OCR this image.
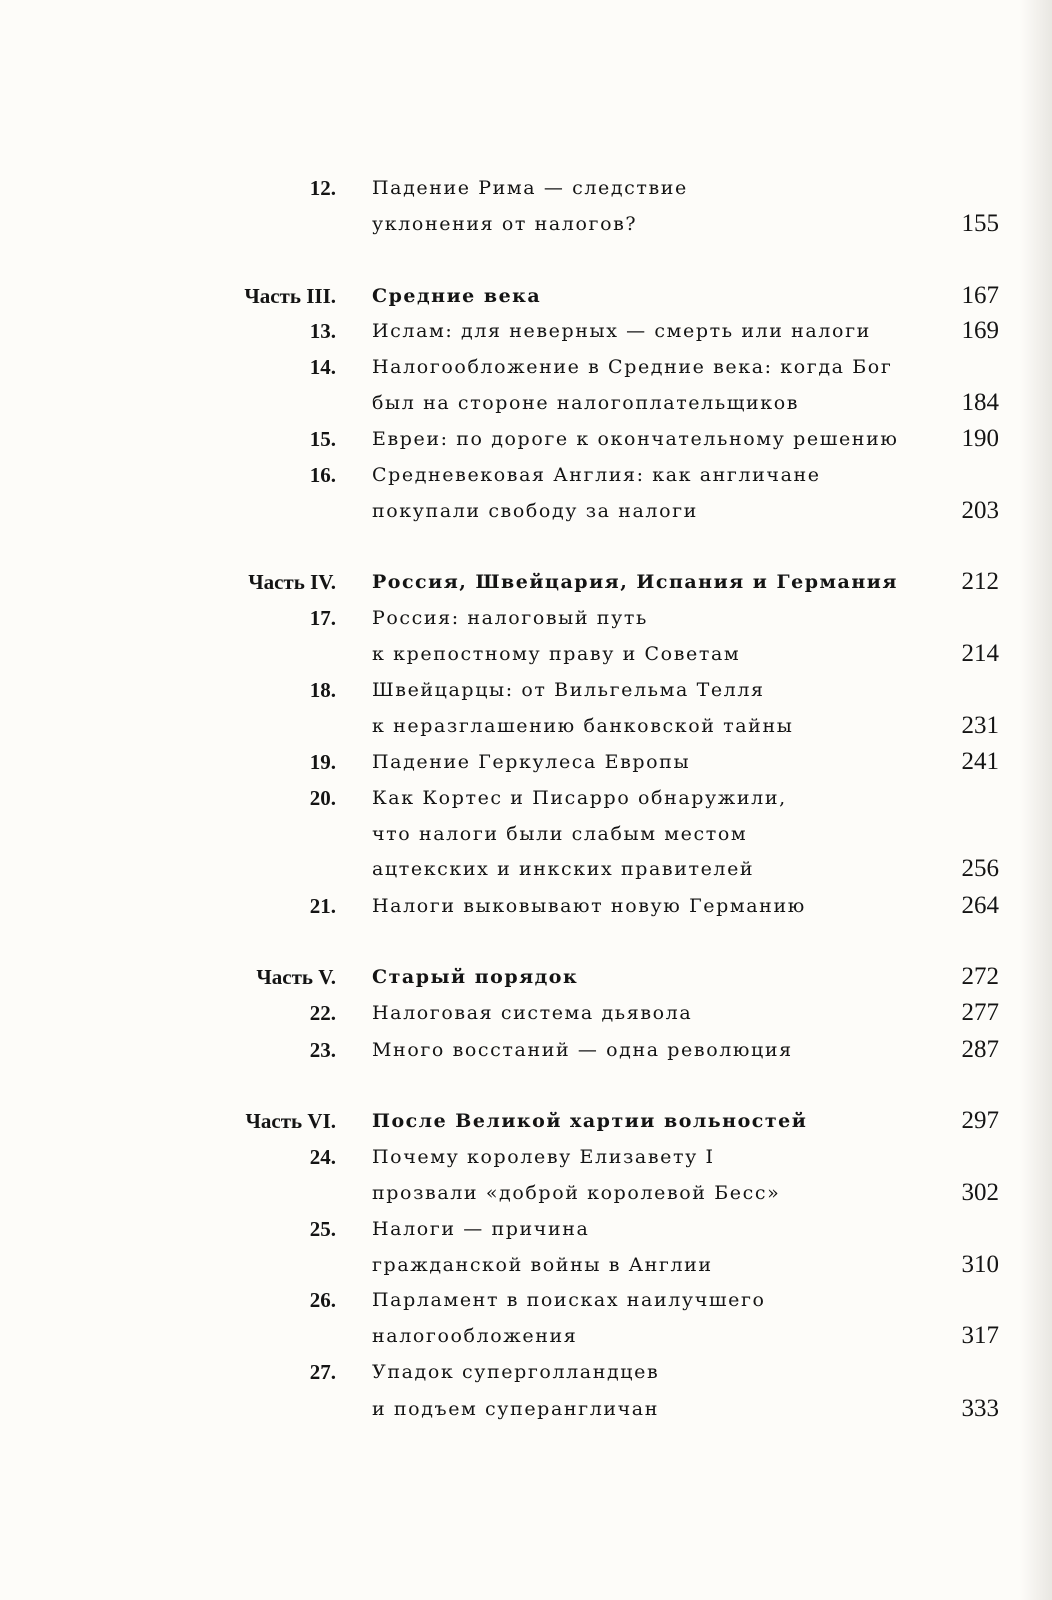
12. Падение Рима — следствие
уклонения от налогов?	155
Часть III. Средние века	167
13. Ислам: для неверных — смерть или налоги	169
14. Налогообложение в Средние века: когда Бог
был на стороне налогоплательщиков	184
15. Евреи: по дороге к окончательному решению	190
16. Средневековая Англия: как англичане
покупали свободу за налоги	203
Часть IV. Россия, Швейцария, Испания и Германия	212
17. Россия: налоговый путь
к крепостному праву и Советам	214
18. Швейцарцы: от Вильгельма Телля
к неразглашению банковской тайны	231
19. Падение Геркулеса Европы	241
20. Как Кортес и Писарро обнаружили,
что налоги были слабым местом
ацтекских и инкских правителей	256
21. Налоги выковывают новую Германию	264
Часть V. Старый порядок	272
22. Налоговая система дьявола	277
23. Много восстаний — одна революция	287
Часть VI. После Великой хартии вольностей	297
24. Почему королеву Елизавету I
прозвали «доброй королевой Бесс»	302
25. Налоги — причина
гражданской войны в Англии	310
26. Парламент в поисках наилучшего
налогообложения	317
27. Упадок суперголландцев
и подъем суперангличан	333
